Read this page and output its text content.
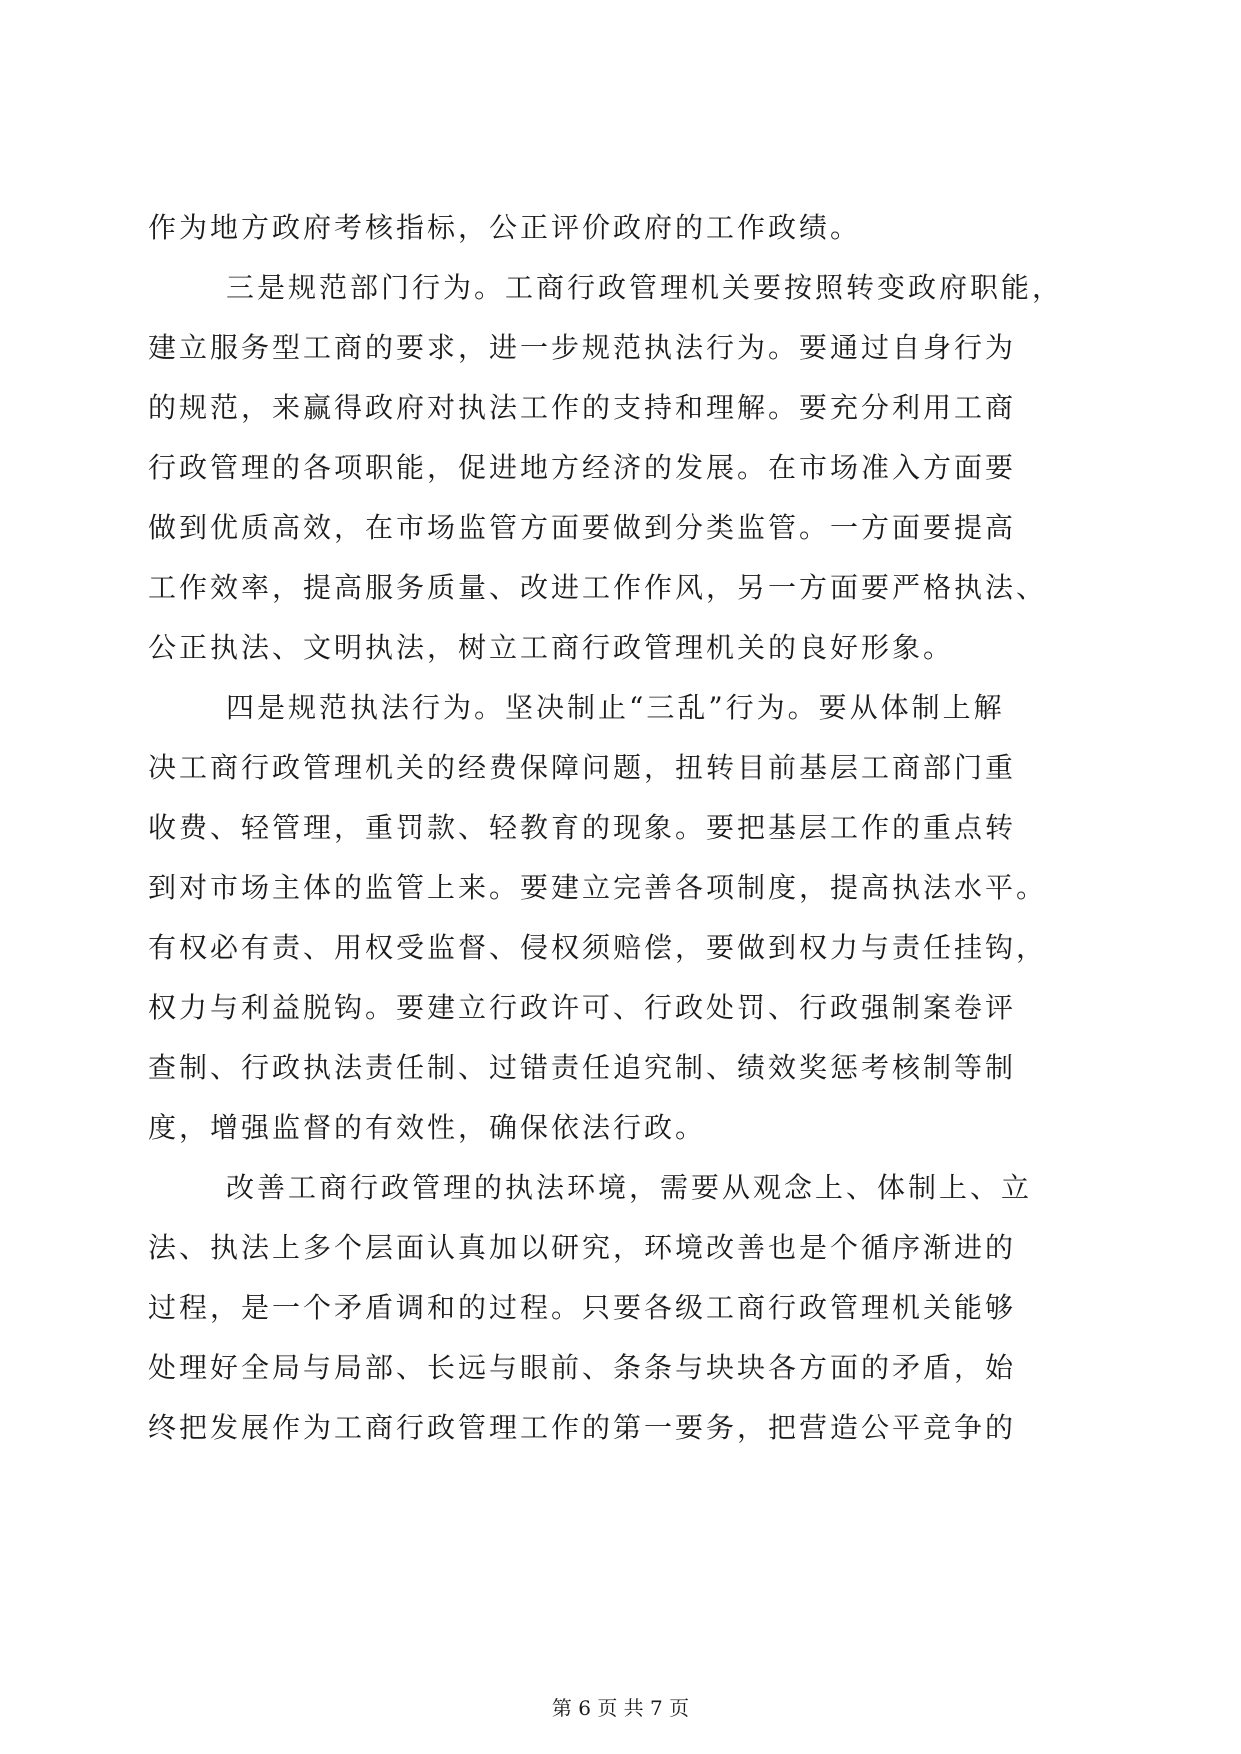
作为地方政府考核指标，公正评价政府的工作政绩。
三是规范部门行为。工商行政管理机关要按照转变政府职能，
建立服务型工商的要求，进一步规范执法行为。要通过自身行为
的规范，来赢得政府对执法工作的支持和理解。要充分利用工商
行政管理的各项职能，促进地方经济的发展。在市场准入方面要
做到优质高效，在市场监管方面要做到分类监管。一方面要提高
工作效率，提高服务质量、改进工作作风，另一方面要严格执法、
公正执法、文明执法，树立工商行政管理机关的良好形象。
四是规范执法行为。坚决制止“三乱”行为。要从体制上解
决工商行政管理机关的经费保障问题，扭转目前基层工商部门重
收费、轻管理，重罚款、轻教育的现象。要把基层工作的重点转
到对市场主体的监管上来。要建立完善各项制度，提高执法水平。
有权必有责、用权受监督、侵权须赔偿，要做到权力与责任挂钩，
权力与利益脱钩。要建立行政许可、行政处罚、行政强制案卷评
查制、行政执法责任制、过错责任追究制、绩效奖惩考核制等制
度，增强监督的有效性，确保依法行政。
改善工商行政管理的执法环境，需要从观念上、体制上、立
法、执法上多个层面认真加以研究，环境改善也是个循序渐进的
过程，是一个矛盾调和的过程。只要各级工商行政管理机关能够
处理好全局与局部、长远与眼前、条条与块块各方面的矛盾，始
终把发展作为工商行政管理工作的第一要务，把营造公平竞争的
第 6 页 共 7 页
